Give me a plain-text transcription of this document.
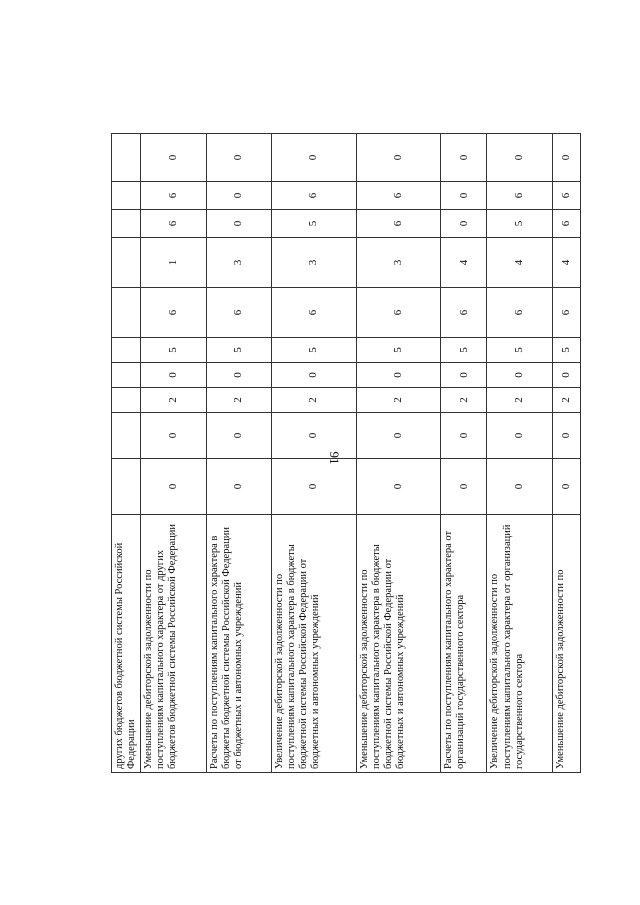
91
других бюджетов бюджетной системы Российской Федерации										
Уменьшение дебиторской задолженности по поступлениям капитального характера от других бюджетов бюджетной системы Российской Федерации	0	0	2	0	5	6	1	6	6	0
Расчеты по поступлениям капитального характера в бюджеты бюджетной системы Российской Федерации от бюджетных и автономных учреждений	0	0	2	0	5	6	3	0	0	0
Увеличение дебиторской задолженности по поступлениям капитального характера в бюджеты бюджетной системы Российской Федерации от бюджетных и автономных учреждений	0	0	2	0	5	6	3	5	6	0
Уменьшение дебиторской задолженности по поступлениям капитального характера в бюджеты бюджетной системы Российской Федерации от бюджетных и автономных учреждений	0	0	2	0	5	6	3	6	6	0
Расчеты по поступлениям капитального характера от организаций государственного сектора	0	0	2	0	5	6	4	0	0	0
Увеличение дебиторской задолженности по поступлениям капитального характера от организаций государственного сектора	0	0	2	0	5	6	4	5	6	0
Уменьшение дебиторской задолженности по	0	0	2	0	5	6	4	6	6	0
